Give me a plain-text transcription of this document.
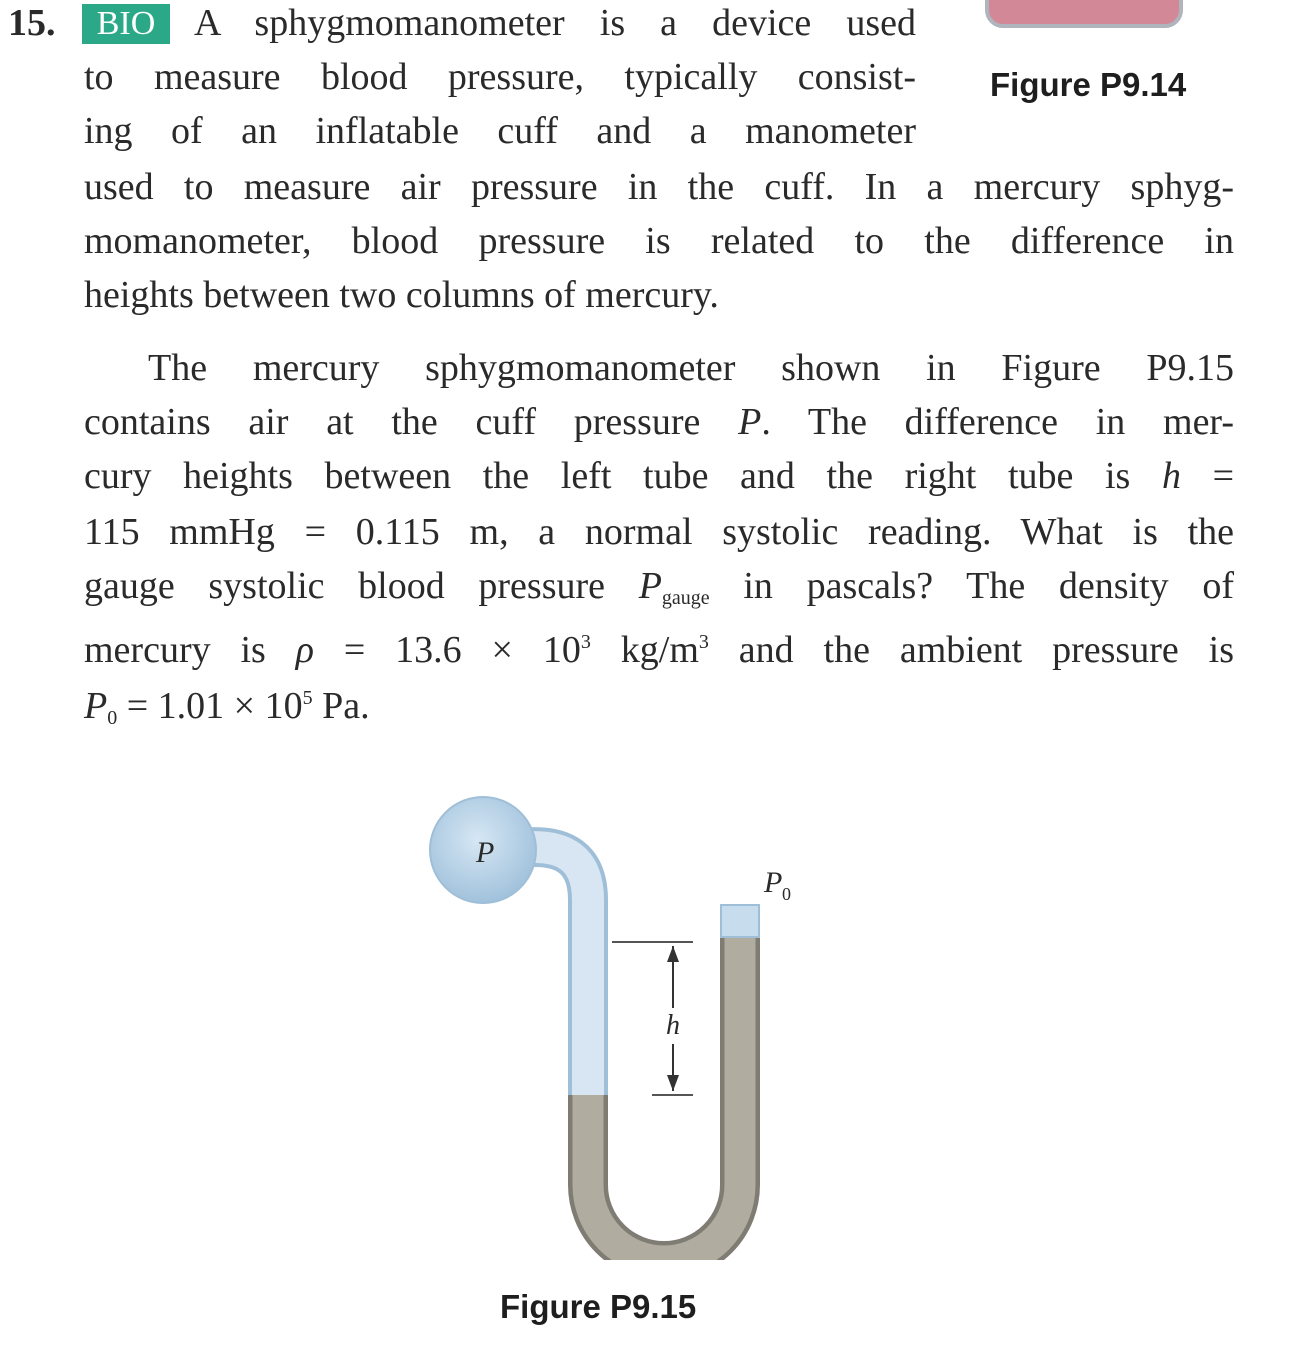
Figure P9.14
15.	BIO	A sphygmomanometer is a device used
to measure blood pressure, typically consist-
ing of an inflatable cuff and a manometer
used to measure air pressure in the cuff. In a mercury sphyg-
momanometer, blood pressure is related to the difference in
heights between two columns of mercury.
The mercury sphygmomanometer shown in Figure P9.15
contains air at the cuff pressure P. The difference in mer-
cury heights between the left tube and the right tube is h =
115 mmHg = 0.115 m, a normal systolic reading. What is the
gauge systolic blood pressure $P_{gauge}$ in pascals? The density of
mercury is $\rho = 13.6 \times 10^3$ $kg/m^3$ and the ambient pressure is
$P_0 = 1.01 \times 10^5$ Pa.
P
P 0
h
Figure P9.15
